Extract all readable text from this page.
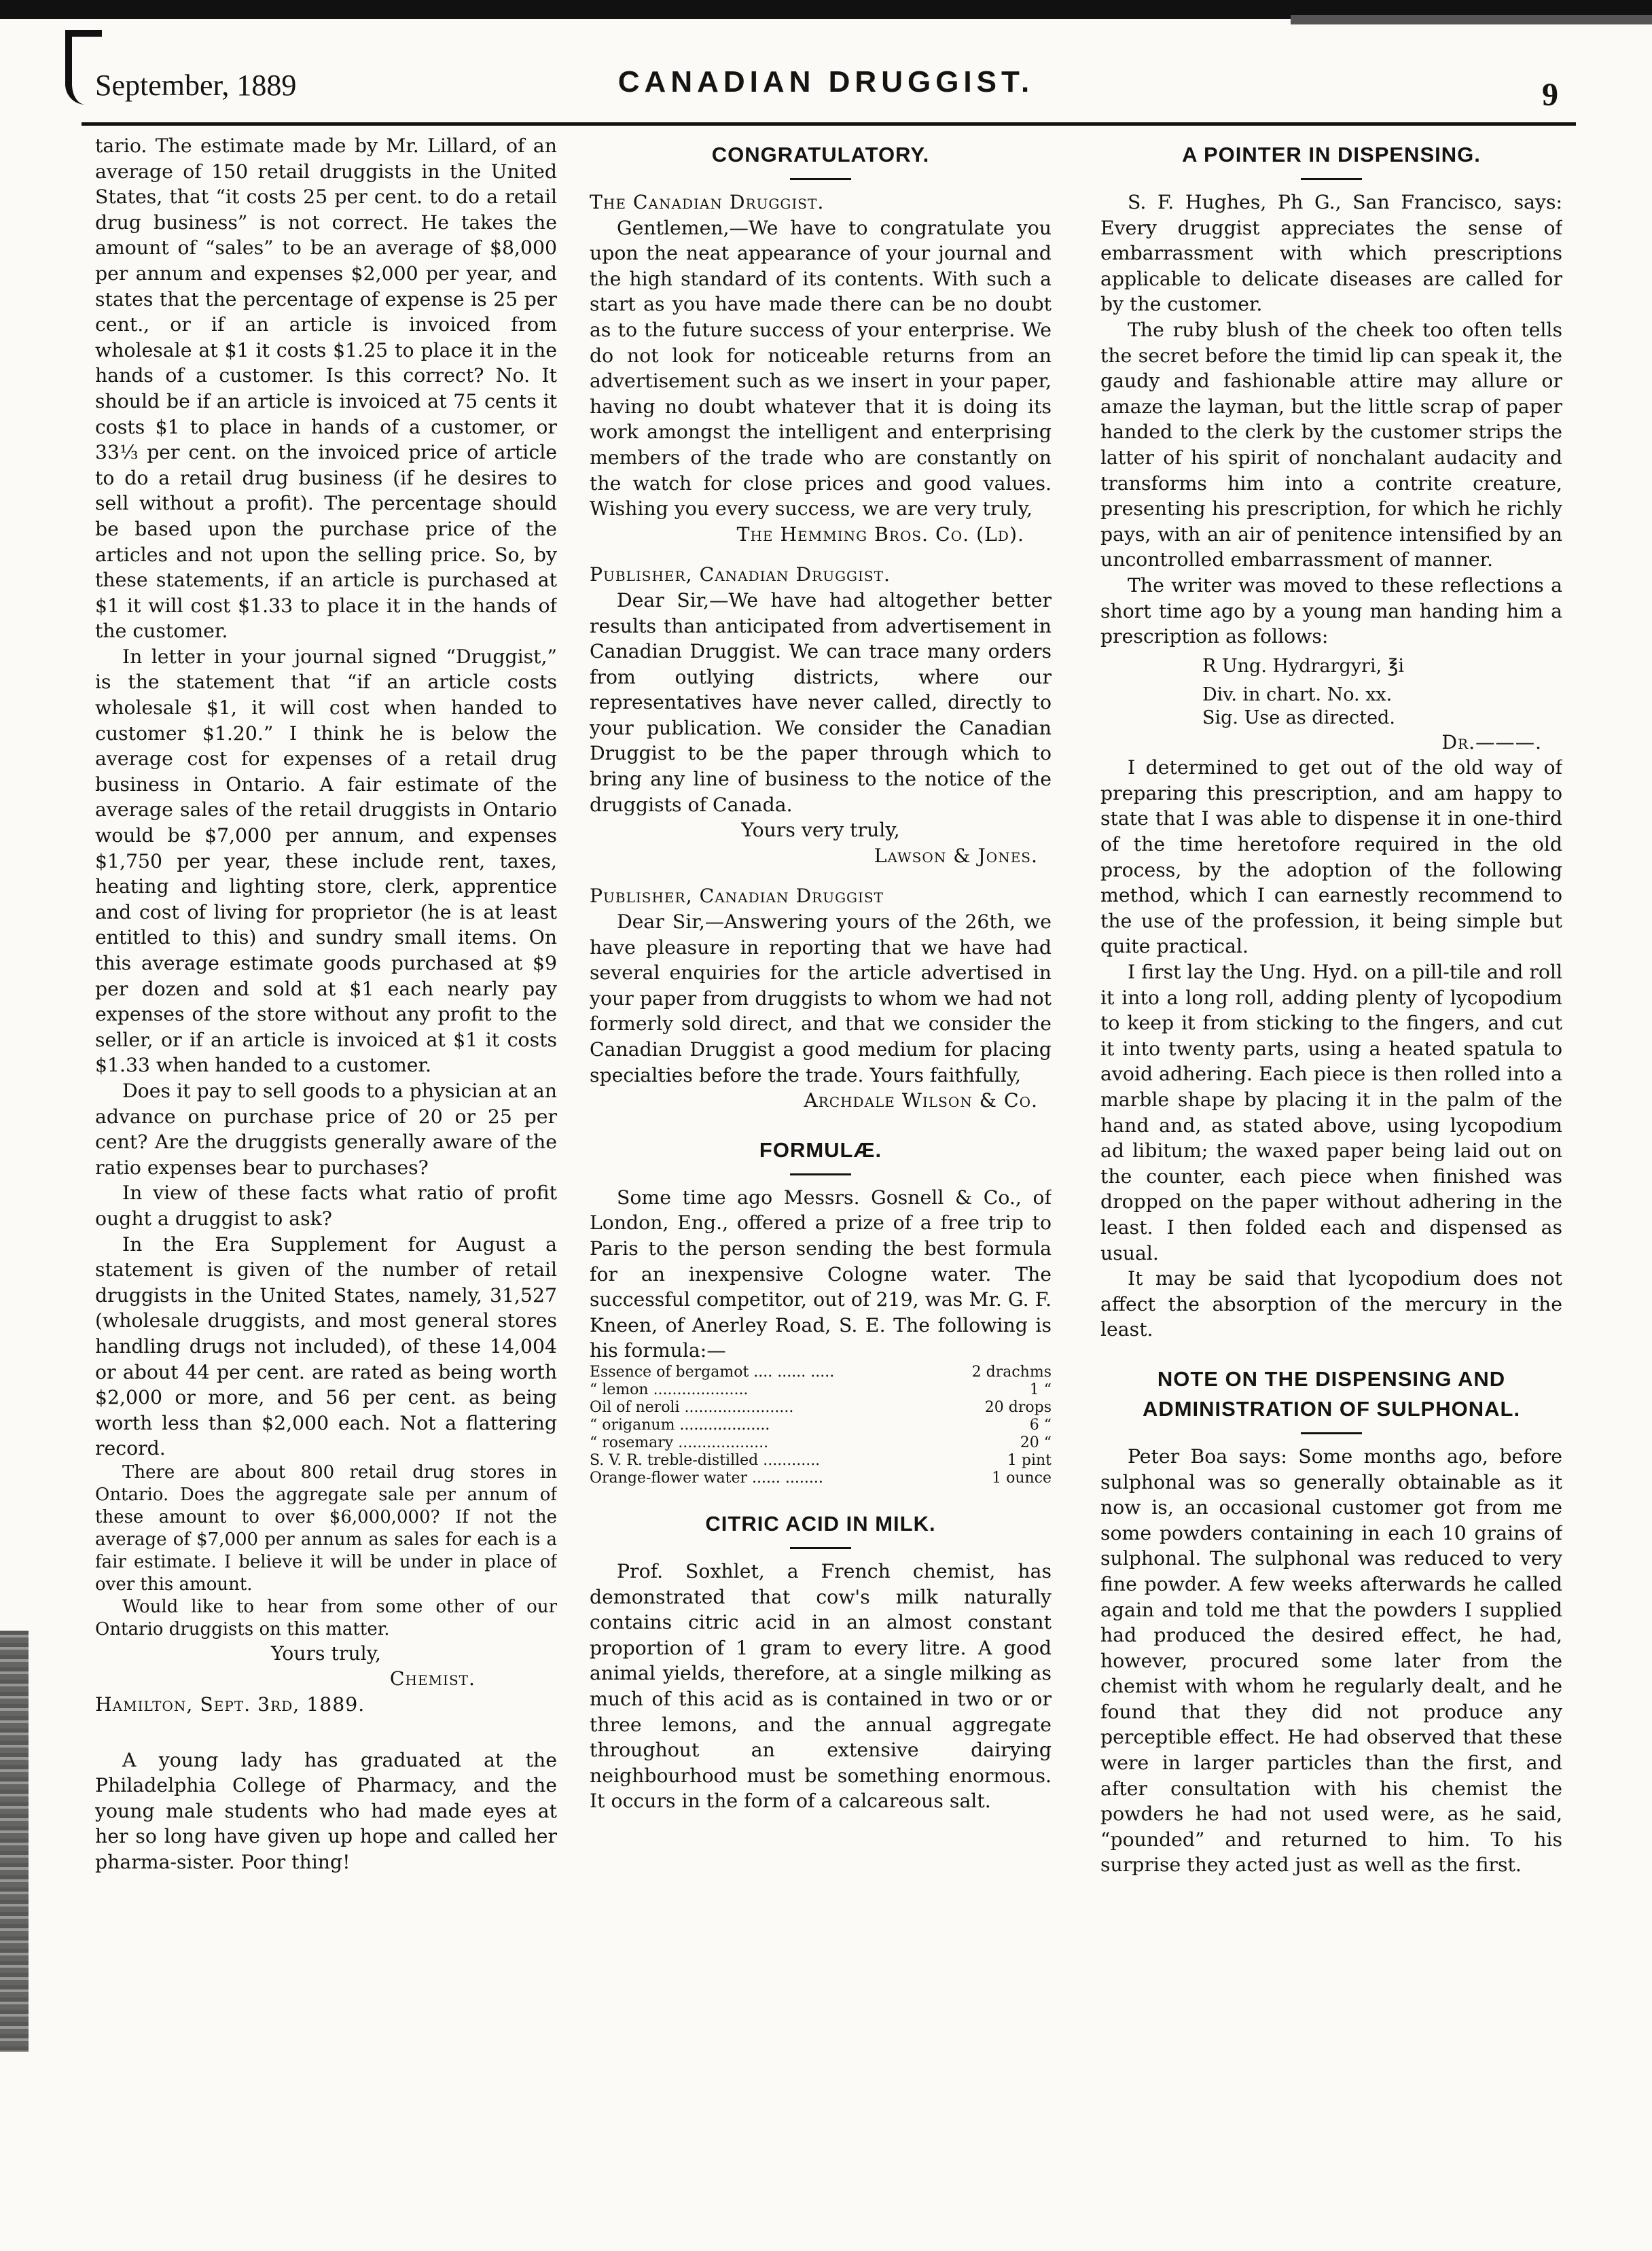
September, 1889	CANADIAN DRUGGIST.	9

tario. The estimate made by Mr. Lillard, of an average of 150 retail druggists in the United States, that “it costs 25 per cent. to do a retail drug business” is not correct. He takes the amount of “sales” to be an average of $8,000 per annum and expenses $2,000 per year, and states that the percentage of expense is 25 per cent., or if an article is invoiced from wholesale at $1 it costs $1.25 to place it in the hands of a customer. Is this correct? No. It should be if an article is invoiced at 75 cents it costs $1 to place in hands of a customer, or 33⅓ per cent. on the invoiced price of article to do a retail drug business (if he desires to sell without a profit). The percentage should be based upon the purchase price of the articles and not upon the selling price. So, by these statements, if an article is purchased at $1 it will cost $1.33 to place it in the hands of the customer.

In letter in your journal signed “Druggist,” is the statement that “if an article costs wholesale $1, it will cost when handed to customer $1.20.” I think he is below the average cost for expenses of a retail drug business in Ontario. A fair estimate of the average sales of the retail druggists in Ontario would be $7,000 per annum, and expenses $1,750 per year, these include rent, taxes, heating and lighting store, clerk, apprentice and cost of living for proprietor (he is at least entitled to this) and sundry small items. On this average estimate goods purchased at $9 per dozen and sold at $1 each nearly pay expenses of the store without any profit to the seller, or if an article is invoiced at $1 it costs $1.33 when handed to a customer.

Does it pay to sell goods to a physician at an advance on purchase price of 20 or 25 per cent? Are the druggists generally aware of the ratio expenses bear to purchases?

In view of these facts what ratio of profit ought a druggist to ask?

In the Era Supplement for August a statement is given of the number of retail druggists in the United States, namely, 31,527 (wholesale druggists, and most general stores handling drugs not included), of these 14,004 or about 44 per cent. are rated as being worth $2,000 or more, and 56 per cent. as being worth less than $2,000 each. Not a flattering record.

There are about 800 retail drug stores in Ontario. Does the aggregate sale per annum of these amount to over $6,000,000? If not the average of $7,000 per annum as sales for each is a fair estimate. I believe it will be under in place of over this amount.

Would like to hear from some other of our Ontario druggists on this matter.

Yours truly,

Chemist.

Hamilton, Sept. 3rd, 1889.

A young lady has graduated at the Philadelphia College of Pharmacy, and the young male students who had made eyes at her so long have given up hope and called her pharma-sister. Poor thing!

CONGRATULATORY.

The Canadian Druggist.

Gentlemen,—We have to congratulate you upon the neat appearance of your journal and the high standard of its contents. With such a start as you have made there can be no doubt as to the future success of your enterprise. We do not look for noticeable returns from an advertisement such as we insert in your paper, having no doubt whatever that it is doing its work amongst the intelligent and enterprising members of the trade who are constantly on the watch for close prices and good values. Wishing you every success, we are very truly,

The Hemming Bros. Co. (Ld).

Publisher, Canadian Druggist.

Dear Sir,—We have had altogether better results than anticipated from advertisement in Canadian Druggist. We can trace many orders from outlying districts, where our representatives have never called, directly to your publication. We consider the Canadian Druggist to be the paper through which to bring any line of business to the notice of the druggists of Canada.

Yours very truly,

Lawson & Jones.

Publisher, Canadian Druggist

Dear Sir,—Answering yours of the 26th, we have pleasure in reporting that we have had several enquiries for the article advertised in your paper from druggists to whom we had not formerly sold direct, and that we consider the Canadian Druggist a good medium for placing specialties before the trade. Yours faithfully,

Archdale Wilson & Co.

FORMULÆ.

Some time ago Messrs. Gosnell & Co., of London, Eng., offered a prize of a free trip to Paris to the person sending the best formula for an inexpensive Cologne water. The successful competitor, out of 219, was Mr. G. F. Kneen, of Anerley Road, S. E. The following is his formula:—

Essence of bergamot .... ...... .....	2 drachms
“ lemon ....................	1 “
Oil of neroli .......................	20 drops
“ origanum ...................	6 “
“ rosemary ...................	20 “
S. V. R. treble-distilled ............	1 pint
Orange-flower water ...... ........	1 ounce
CITRIC ACID IN MILK.

Prof. Soxhlet, a French chemist, has demonstrated that cow's milk naturally contains citric acid in an almost constant proportion of 1 gram to every litre. A good animal yields, therefore, at a single milking as much of this acid as is contained in two or or three lemons, and the annual aggregate throughout an extensive dairying neighbourhood must be something enormous. It occurs in the form of a calcareous salt.

A POINTER IN DISPENSING.

S. F. Hughes, Ph G., San Francisco, says: Every druggist appreciates the sense of embarrassment with which prescriptions applicable to delicate diseases are called for by the customer.

The ruby blush of the cheek too often tells the secret before the timid lip can speak it, the gaudy and fashionable attire may allure or amaze the layman, but the little scrap of paper handed to the clerk by the customer strips the latter of his spirit of nonchalant audacity and transforms him into a contrite creature, presenting his prescription, for which he richly pays, with an air of penitence intensified by an uncontrolled embarrassment of manner.

The writer was moved to these reflections a short time ago by a young man handing him a prescription as follows:

R Ung. Hydrargyri, ℥i

Div. in chart. No. xx.

Sig. Use as directed.

Dr.———.

I determined to get out of the old way of preparing this prescription, and am happy to state that I was able to dispense it in one-third of the time heretofore required in the old process, by the adoption of the following method, which I can earnestly recommend to the use of the profession, it being simple but quite practical.

I first lay the Ung. Hyd. on a pill-tile and roll it into a long roll, adding plenty of lycopodium to keep it from sticking to the fingers, and cut it into twenty parts, using a heated spatula to avoid adhering. Each piece is then rolled into a marble shape by placing it in the palm of the hand and, as stated above, using lycopodium ad libitum; the waxed paper being laid out on the counter, each piece when finished was dropped on the paper without adhering in the least. I then folded each and dispensed as usual.

It may be said that lycopodium does not affect the absorption of the mercury in the least.

NOTE ON THE DISPENSING AND ADMINISTRATION OF SULPHONAL.

Peter Boa says: Some months ago, before sulphonal was so generally obtainable as it now is, an occasional customer got from me some powders containing in each 10 grains of sulphonal. The sulphonal was reduced to very fine powder. A few weeks afterwards he called again and told me that the powders I supplied had produced the desired effect, he had, however, procured some later from the chemist with whom he regularly dealt, and he found that they did not produce any perceptible effect. He had observed that these were in larger particles than the first, and after consultation with his chemist the powders he had not used were, as he said, “pounded” and returned to him. To his surprise they acted just as well as the first.
